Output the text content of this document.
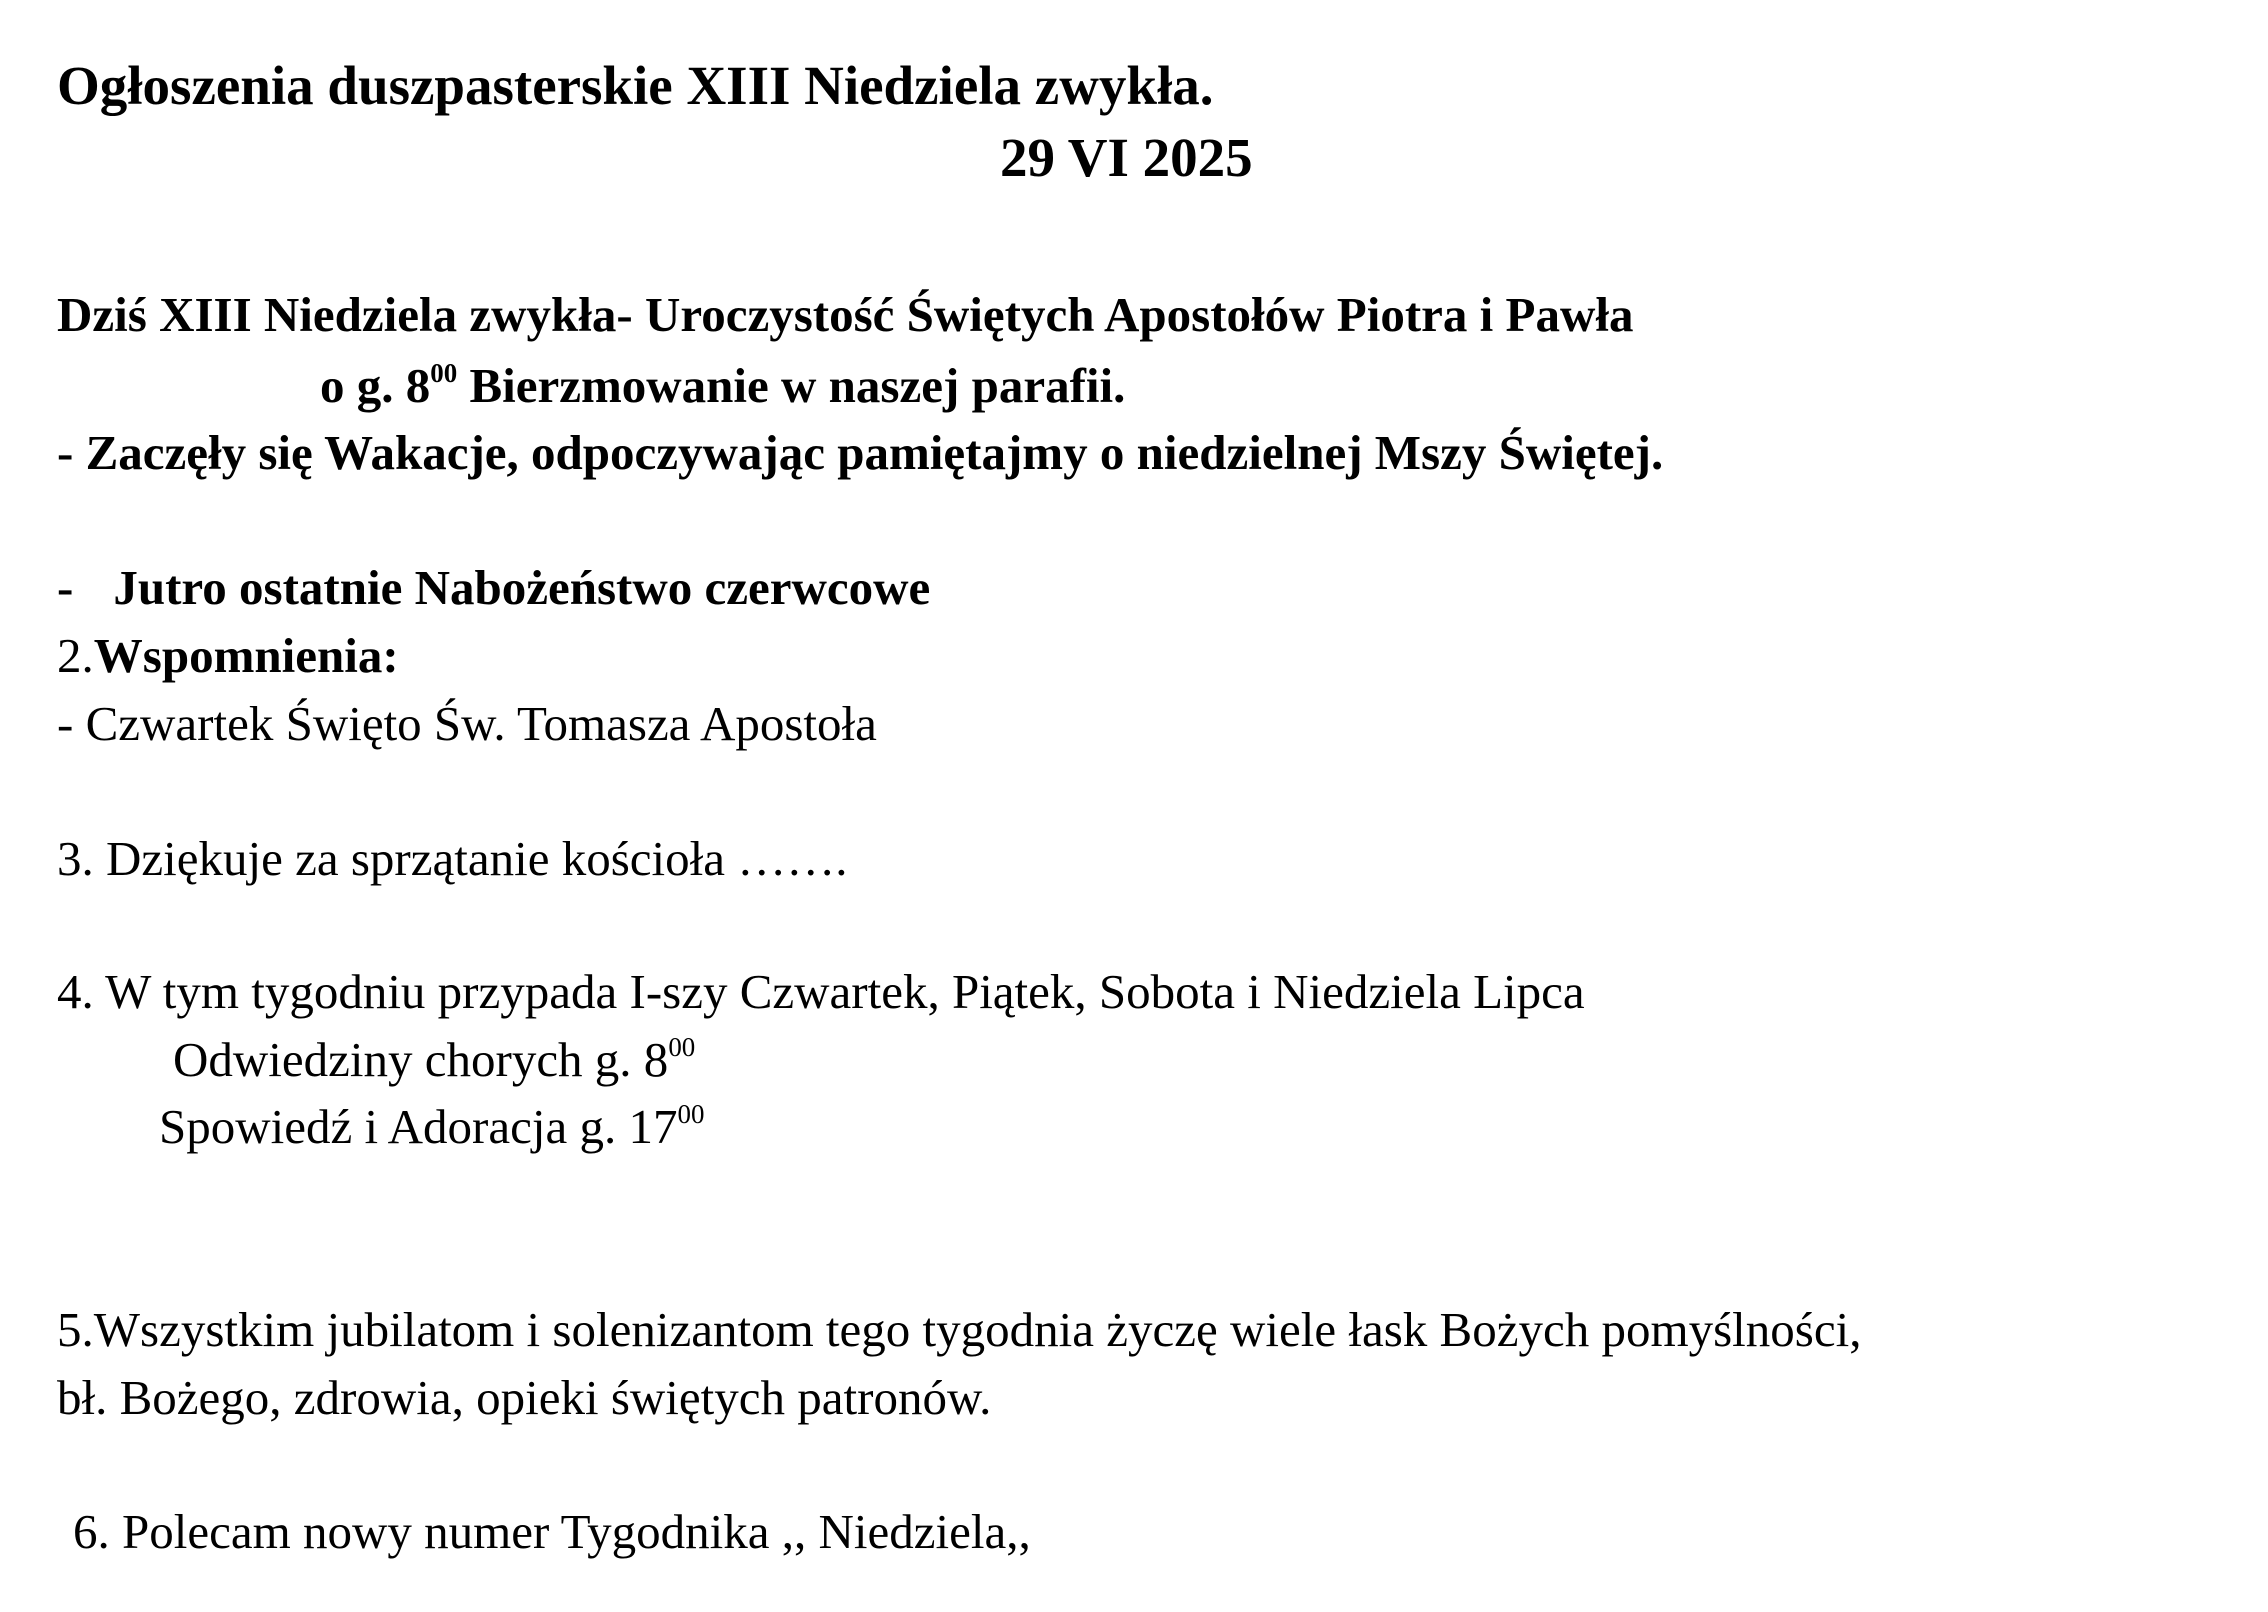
Ogłoszenia duszpasterskie XIII Niedziela zwykła.
29 VI 2025
Dziś XIII Niedziela zwykła- Uroczystość Świętych Apostołów Piotra i Pawła
o g. $8^{00}$ Bierzmowanie w naszej parafii.
- Zaczęły się Wakacje, odpoczywając pamiętajmy o niedzielnej Mszy Świętej.
- Jutro ostatnie Nabożeństwo czerwcowe
2.Wspomnienia:
- Czwartek Święto Św. Tomasza Apostoła
3. Dziękuje za sprzątanie kościoła …….
4. W tym tygodniu przypada I-szy Czwartek, Piątek, Sobota i Niedziela Lipca
Odwiedziny chorych g. $8^{00}$
Spowiedź i Adoracja g. $17^{00}$
5.Wszystkim jubilatom i solenizantom tego tygodnia życzę wiele łask Bożych pomyślności,
bł. Bożego, zdrowia, opieki świętych patronów.
6. Polecam nowy numer Tygodnika ,, Niedziela,,
